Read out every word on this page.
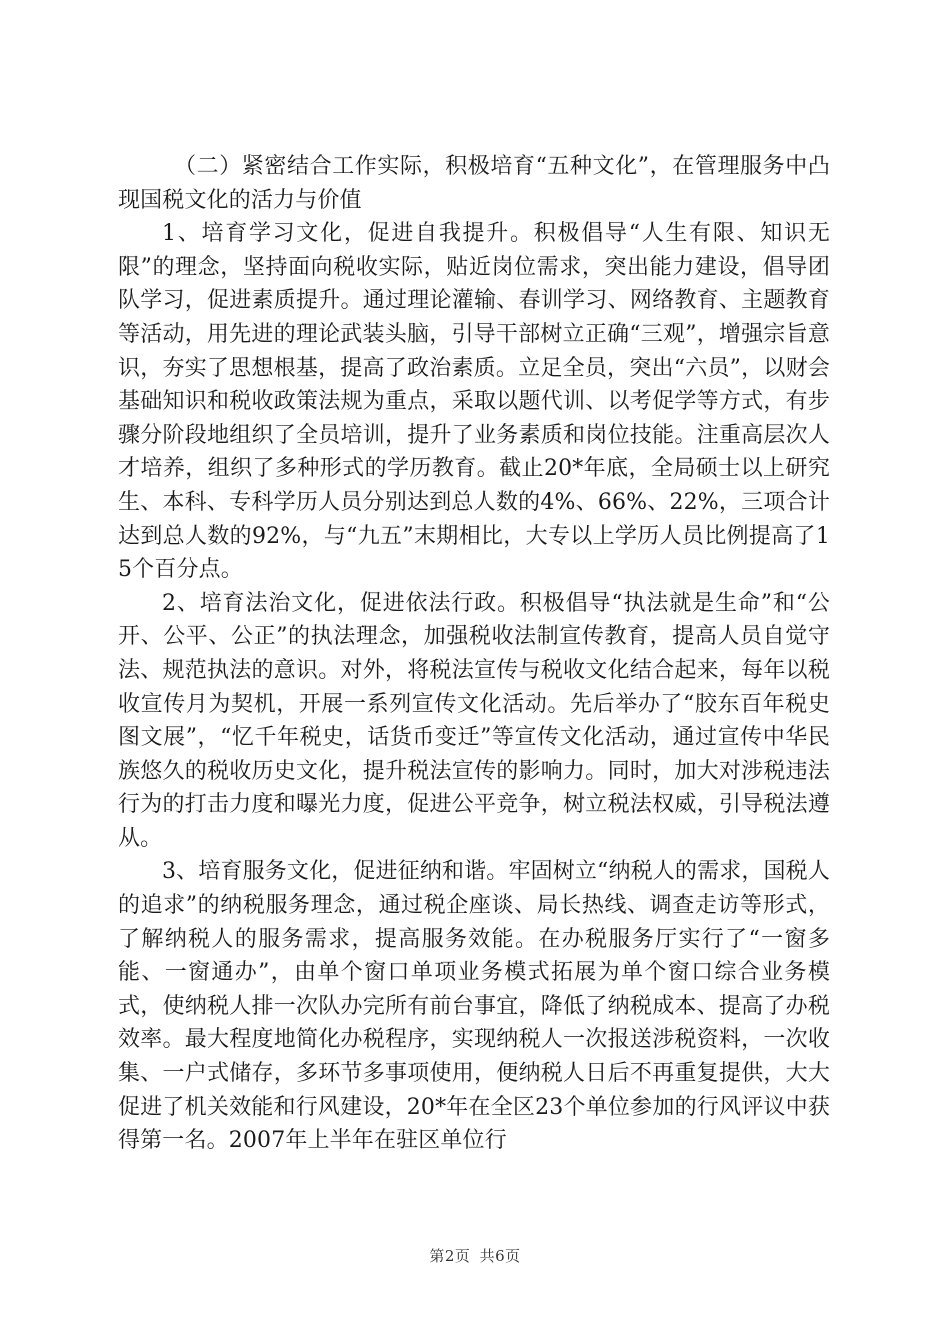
（二）紧密结合工作实际，积极培育“五种文化”，在管理服务中凸现国税文化的活力与价值

1、培育学习文化，促进自我提升。积极倡导“人生有限、知识无限”的理念，坚持面向税收实际，贴近岗位需求，突出能力建设，倡导团队学习，促进素质提升。通过理论灌输、春训学习、网络教育、主题教育等活动，用先进的理论武装头脑，引导干部树立正确“三观”，增强宗旨意识，夯实了思想根基，提高了政治素质。立足全员，突出“六员”，以财会基础知识和税收政策法规为重点，采取以题代训、以考促学等方式，有步骤分阶段地组织了全员培训，提升了业务素质和岗位技能。注重高层次人才培养，组织了多种形式的学历教育。截止20*年底，全局硕士以上研究生、本科、专科学历人员分别达到总人数的4%、66%、22%，三项合计达到总人数的92%，与“九五”末期相比，大专以上学历人员比例提高了15个百分点。

2、培育法治文化，促进依法行政。积极倡导“执法就是生命”和“公开、公平、公正”的执法理念，加强税收法制宣传教育，提高人员自觉守法、规范执法的意识。对外，将税法宣传与税收文化结合起来，每年以税收宣传月为契机，开展一系列宣传文化活动。先后举办了“胶东百年税史图文展”，“忆千年税史，话货币变迁”等宣传文化活动，通过宣传中华民族悠久的税收历史文化，提升税法宣传的影响力。同时，加大对涉税违法行为的打击力度和曝光力度，促进公平竞争，树立税法权威，引导税法遵从。

3、培育服务文化，促进征纳和谐。牢固树立“纳税人的需求，国税人的追求”的纳税服务理念，通过税企座谈、局长热线、调查走访等形式，了解纳税人的服务需求，提高服务效能。在办税服务厅实行了“一窗多能、一窗通办”，由单个窗口单项业务模式拓展为单个窗口综合业务模式，使纳税人排一次队办完所有前台事宜，降低了纳税成本、提高了办税效率。最大程度地简化办税程序，实现纳税人一次报送涉税资料，一次收集、一户式储存，多环节多事项使用，便纳税人日后不再重复提供，大大促进了机关效能和行风建设，20*年在全区23个单位参加的行风评议中获得第一名。2007年上半年在驻区单位行

第2页 共6页
